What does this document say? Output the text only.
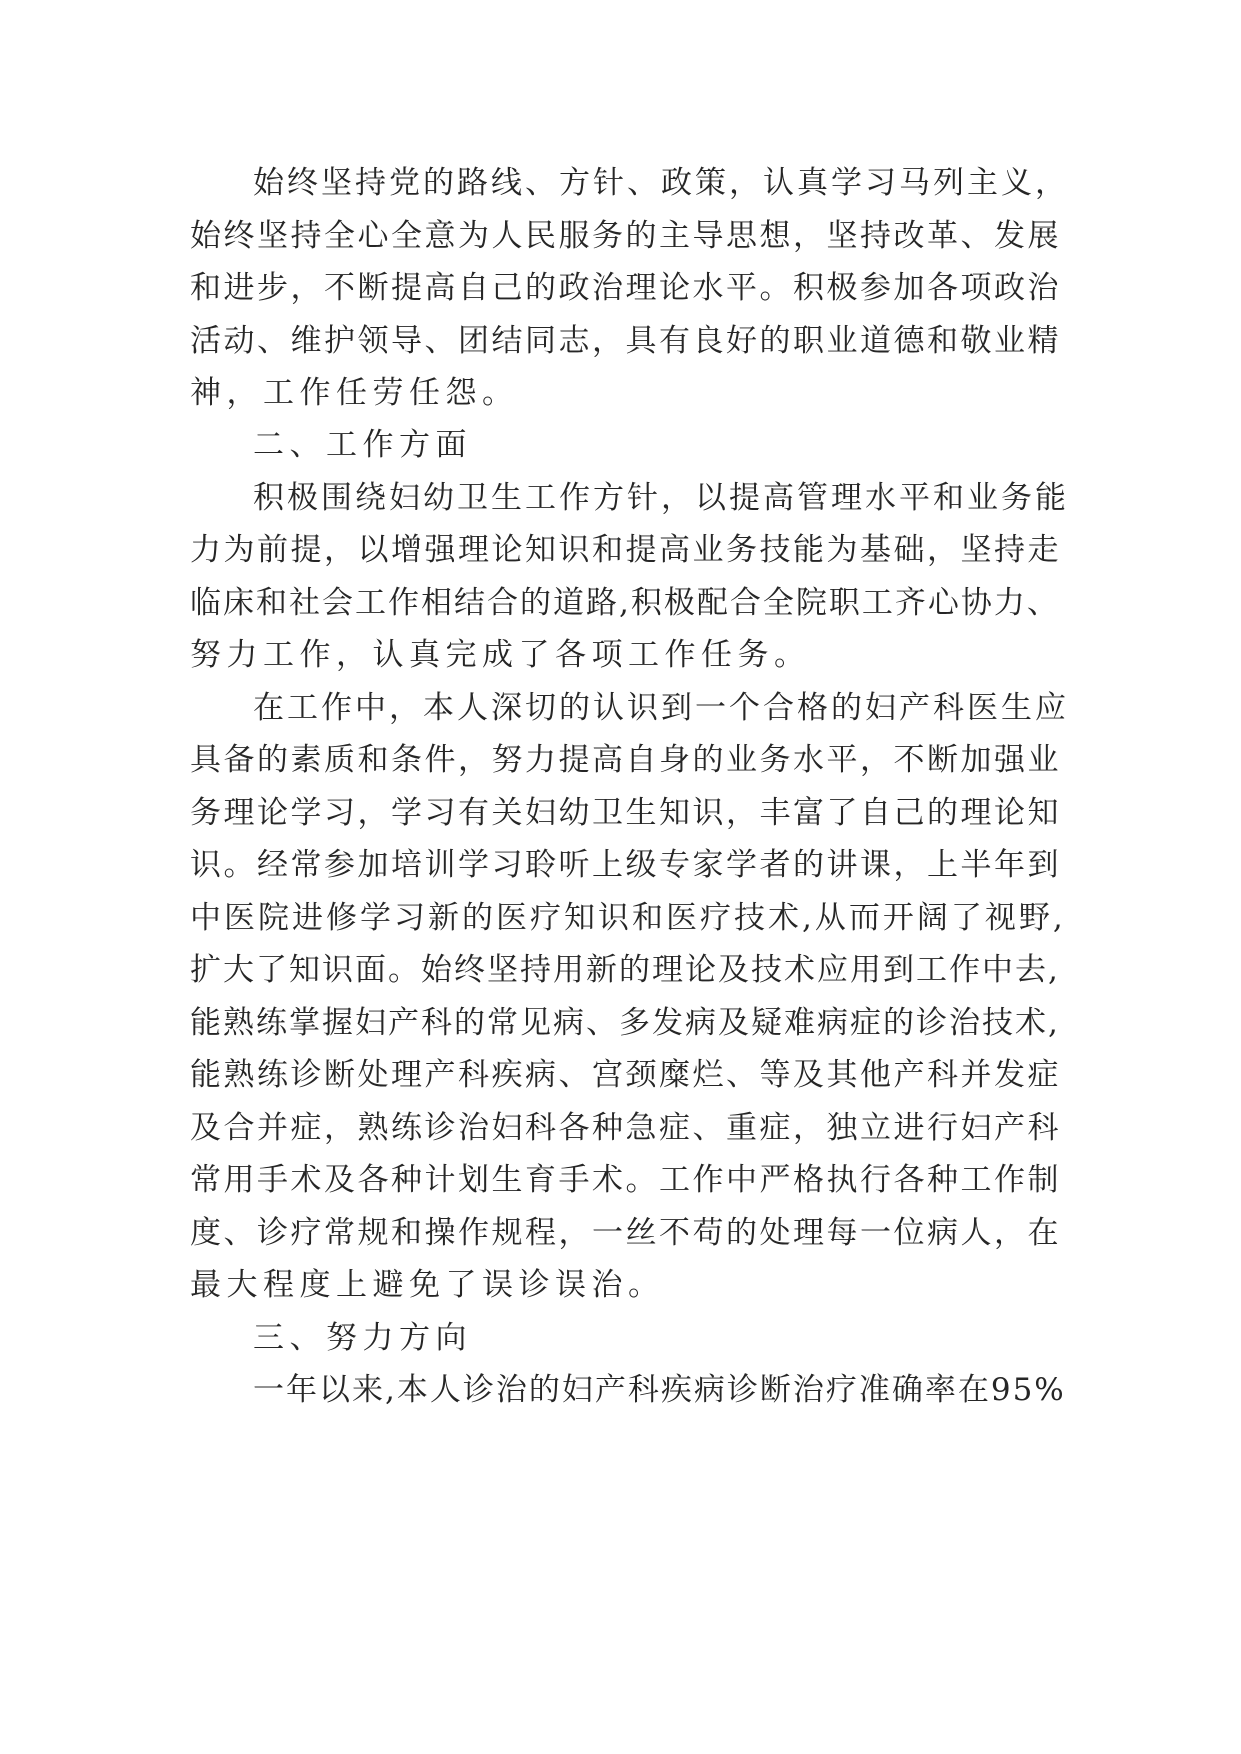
始终坚持党的路线、方针、政策，认真学习马列主义，

始终坚持全心全意为人民服务的主导思想，坚持改革、发展

和进步，不断提高自己的政治理论水平。积极参加各项政治

活动、维护领导、团结同志，具有良好的职业道德和敬业精

神，工作任劳任怨。

二、工作方面

积极围绕妇幼卫生工作方针，以提高管理水平和业务能

力为前提，以增强理论知识和提高业务技能为基础，坚持走

临床和社会工作相结合的道路,积极配合全院职工齐心协力、

努力工作，认真完成了各项工作任务。

在工作中，本人深切的认识到一个合格的妇产科医生应

具备的素质和条件，努力提高自身的业务水平，不断加强业

务理论学习，学习有关妇幼卫生知识，丰富了自己的理论知

识。经常参加培训学习聆听上级专家学者的讲课，上半年到

中医院进修学习新的医疗知识和医疗技术,从而开阔了视野,

扩大了知识面。始终坚持用新的理论及技术应用到工作中去,

能熟练掌握妇产科的常见病、多发病及疑难病症的诊治技术,

能熟练诊断处理产科疾病、宫颈糜烂、等及其他产科并发症

及合并症，熟练诊治妇科各种急症、重症，独立进行妇产科

常用手术及各种计划生育手术。工作中严格执行各种工作制

度、诊疗常规和操作规程，一丝不苟的处理每一位病人，在

最大程度上避免了误诊误治。

三、努力方向

一年以来,本人诊治的妇产科疾病诊断治疗准确率在95%
